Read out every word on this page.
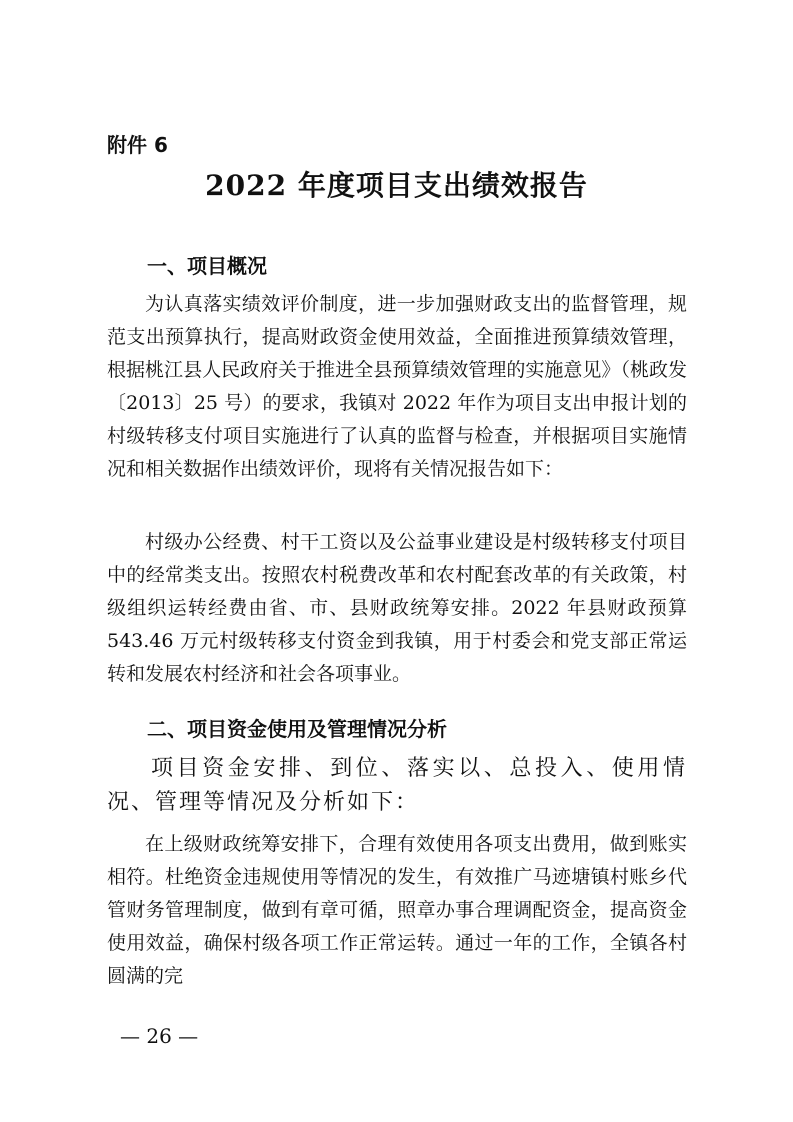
附件 6
2022 年度项目支出绩效报告
一、项目概况

为认真落实绩效评价制度，进一步加强财政支出的监督管理，规范支出预算执行，提高财政资金使用效益，全面推进预算绩效管理，根据桃江县人民政府关于推进全县预算绩效管理的实施意见》（桃政发〔2013〕25 号）的要求，我镇对 2022 年作为项目支出申报计划的村级转移支付项目实施进行了认真的监督与检查，并根据项目实施情况和相关数据作出绩效评价，现将有关情况报告如下：

村级办公经费、村干工资以及公益事业建设是村级转移支付项目中的经常类支出。按照农村税费改革和农村配套改革的有关政策，村级组织运转经费由省、市、县财政统筹安排。2022 年县财政预算 543.46 万元村级转移支付资金到我镇，用于村委会和党支部正常运转和发展农村经济和社会各项事业。

二、项目资金使用及管理情况分析

项目资金安排、到位、落实以、总投入、使用情况、管理等情况及分析如下：

在上级财政统筹安排下，合理有效使用各项支出费用，做到账实相符。杜绝资金违规使用等情况的发生，有效推广马迹塘镇村账乡代管财务管理制度，做到有章可循，照章办事合理调配资金，提高资金使用效益，确保村级各项工作正常运转。通过一年的工作，全镇各村圆满的完

— 26 —
